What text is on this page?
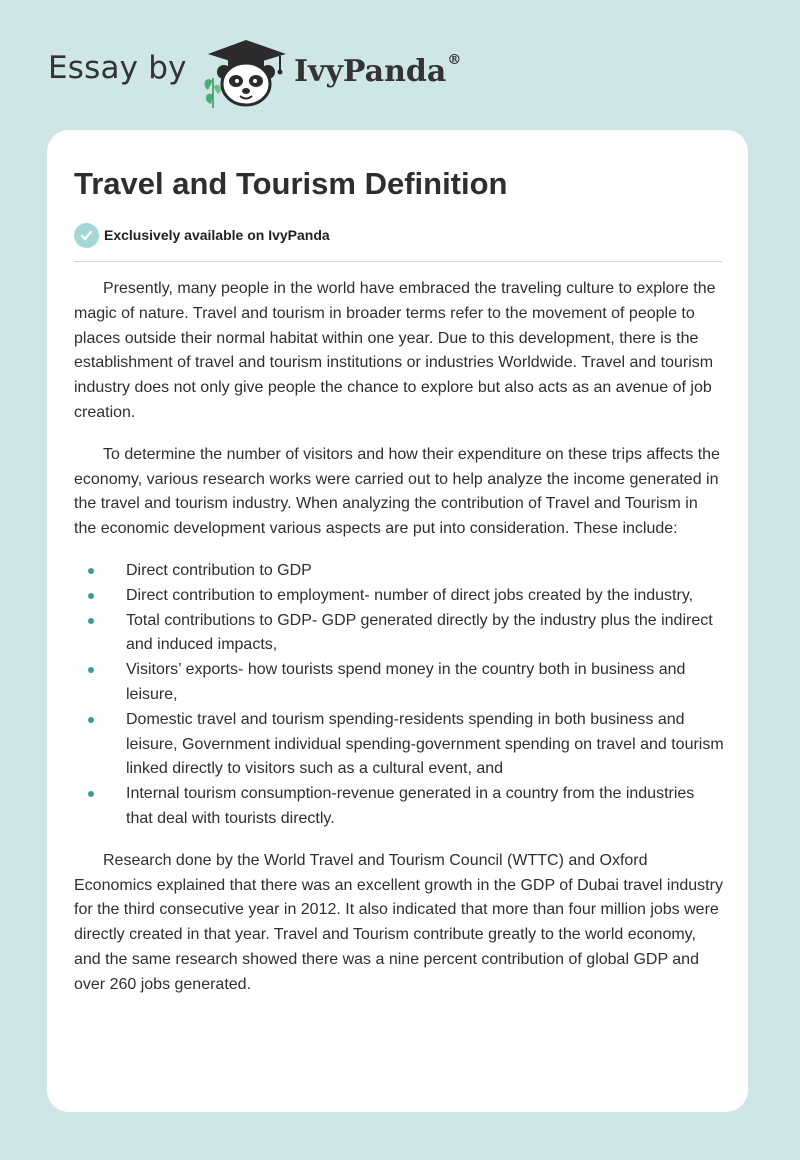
Essay by	IvyPanda®
Travel and Tourism Definition
Exclusively available on IvyPanda

Presently, many people in the world have embraced the traveling culture to explore the magic of nature. Travel and tourism in broader terms refer to the movement of people to places outside their normal habitat within one year. Due to this development, there is the establishment of travel and tourism institutions or industries Worldwide. Travel and tourism industry does not only give people the chance to explore but also acts as an avenue of job creation.

To determine the number of visitors and how their expenditure on these trips affects the economy, various research works were carried out to help analyze the income generated in the travel and tourism industry. When analyzing the contribution of Travel and Tourism in the economic development various aspects are put into consideration. These include:

Direct contribution to GDP
Direct contribution to employment- number of direct jobs created by the industry,
Total contributions to GDP- GDP generated directly by the industry plus the indirect and induced impacts,
Visitors’ exports- how tourists spend money in the country both in business and leisure,
Domestic travel and tourism spending-residents spending in both business and leisure, Government individual spending-government spending on travel and tourism linked directly to visitors such as a cultural event, and
Internal tourism consumption-revenue generated in a country from the industries that deal with tourists directly.

Research done by the World Travel and Tourism Council (WTTC) and Oxford Economics explained that there was an excellent growth in the GDP of Dubai travel industry for the third consecutive year in 2012. It also indicated that more than four million jobs were directly created in that year. Travel and Tourism contribute greatly to the world economy, and the same research showed there was a nine percent contribution of global GDP and over 260 jobs generated.
